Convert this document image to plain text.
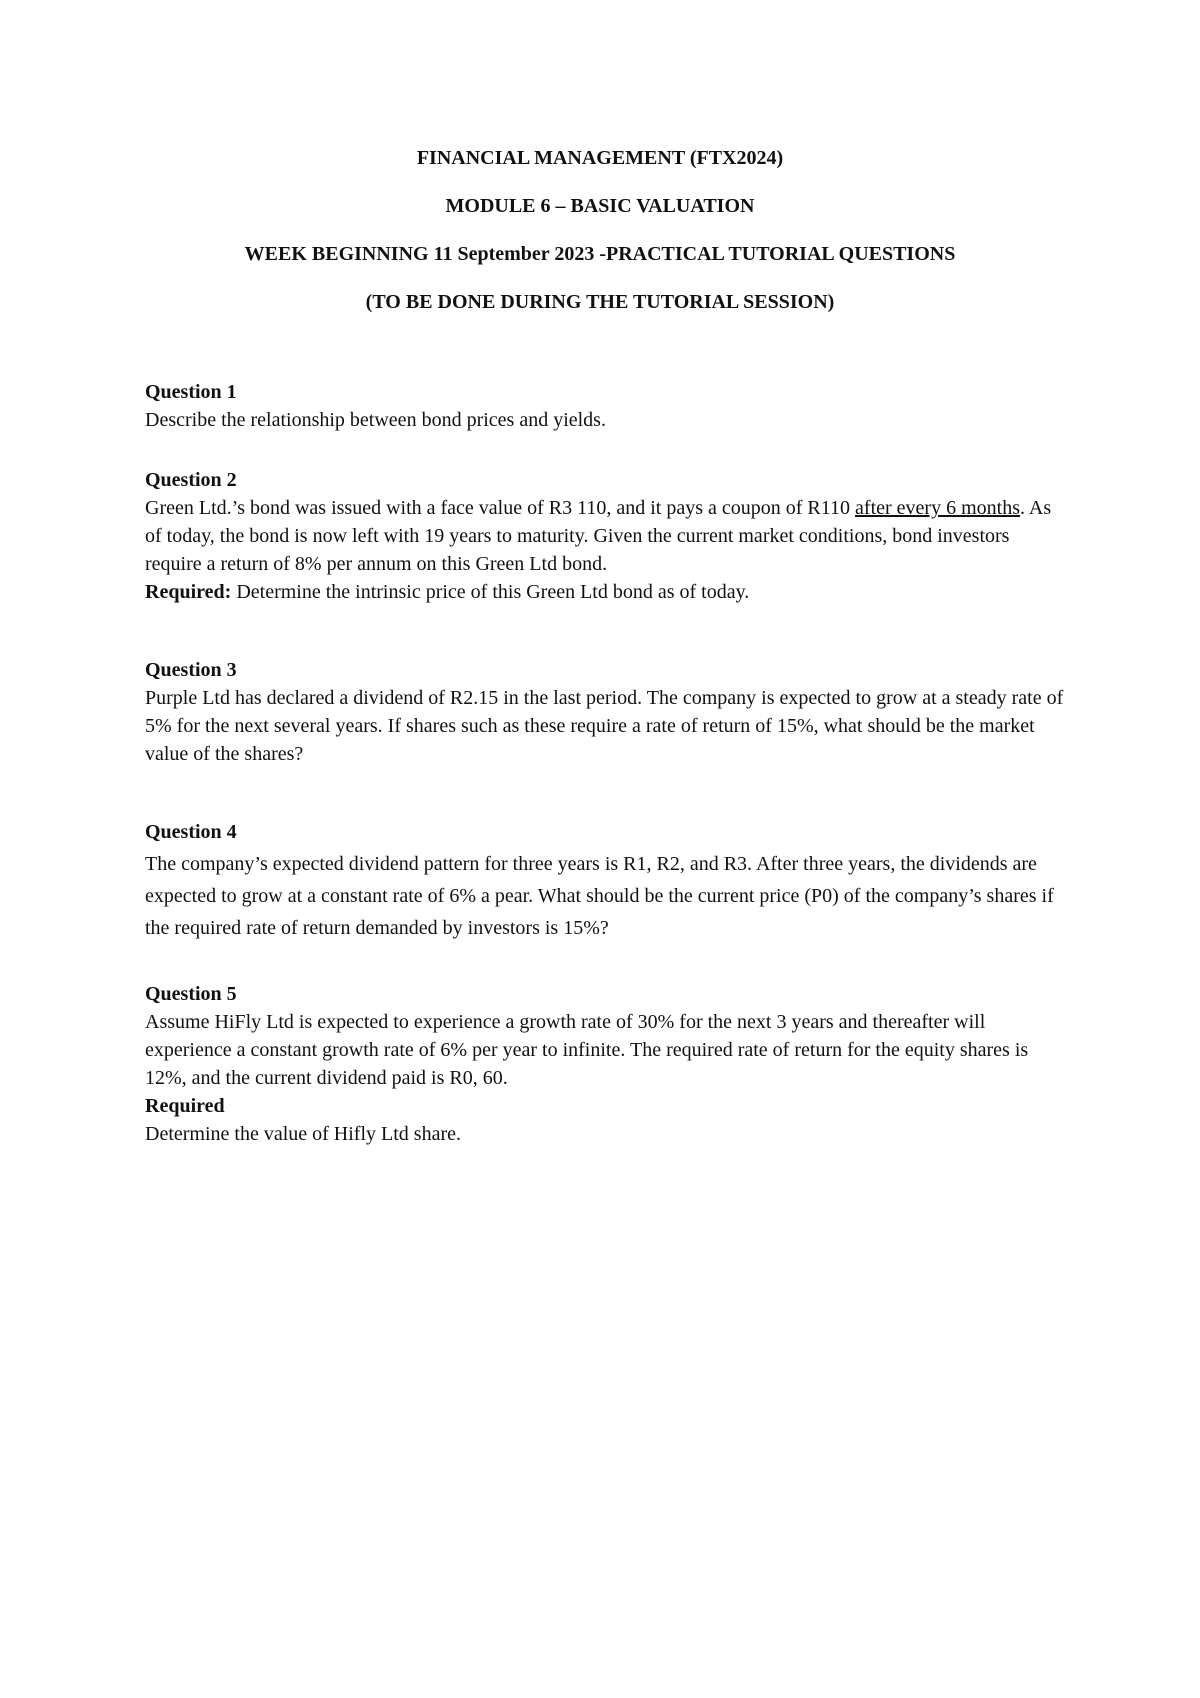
FINANCIAL MANAGEMENT (FTX2024)
MODULE 6 – BASIC VALUATION
WEEK BEGINNING 11 September 2023 -PRACTICAL TUTORIAL QUESTIONS
(TO BE DONE DURING THE TUTORIAL SESSION)
Question 1
Describe the relationship between bond prices and yields.
Question 2
Green Ltd.’s bond was issued with a face value of R3 110, and it pays a coupon of R110 after every 6 months. As of today, the bond is now left with 19 years to maturity. Given the current market conditions, bond investors require a return of 8% per annum on this Green Ltd bond.
Required: Determine the intrinsic price of this Green Ltd bond as of today.
Question 3
Purple Ltd has declared a dividend of R2.15 in the last period. The company is expected to grow at a steady rate of 5% for the next several years. If shares such as these require a rate of return of 15%, what should be the market value of the shares?
Question 4
The company’s expected dividend pattern for three years is R1, R2, and R3. After three years, the dividends are expected to grow at a constant rate of 6% a pear. What should be the current price (P0) of the company’s shares if the required rate of return demanded by investors is 15%?
Question 5
Assume HiFly Ltd is expected to experience a growth rate of 30% for the next 3 years and thereafter will experience a constant growth rate of 6% per year to infinite. The required rate of return for the equity shares is 12%, and the current dividend paid is R0, 60.
Required
Determine the value of Hifly Ltd share.
